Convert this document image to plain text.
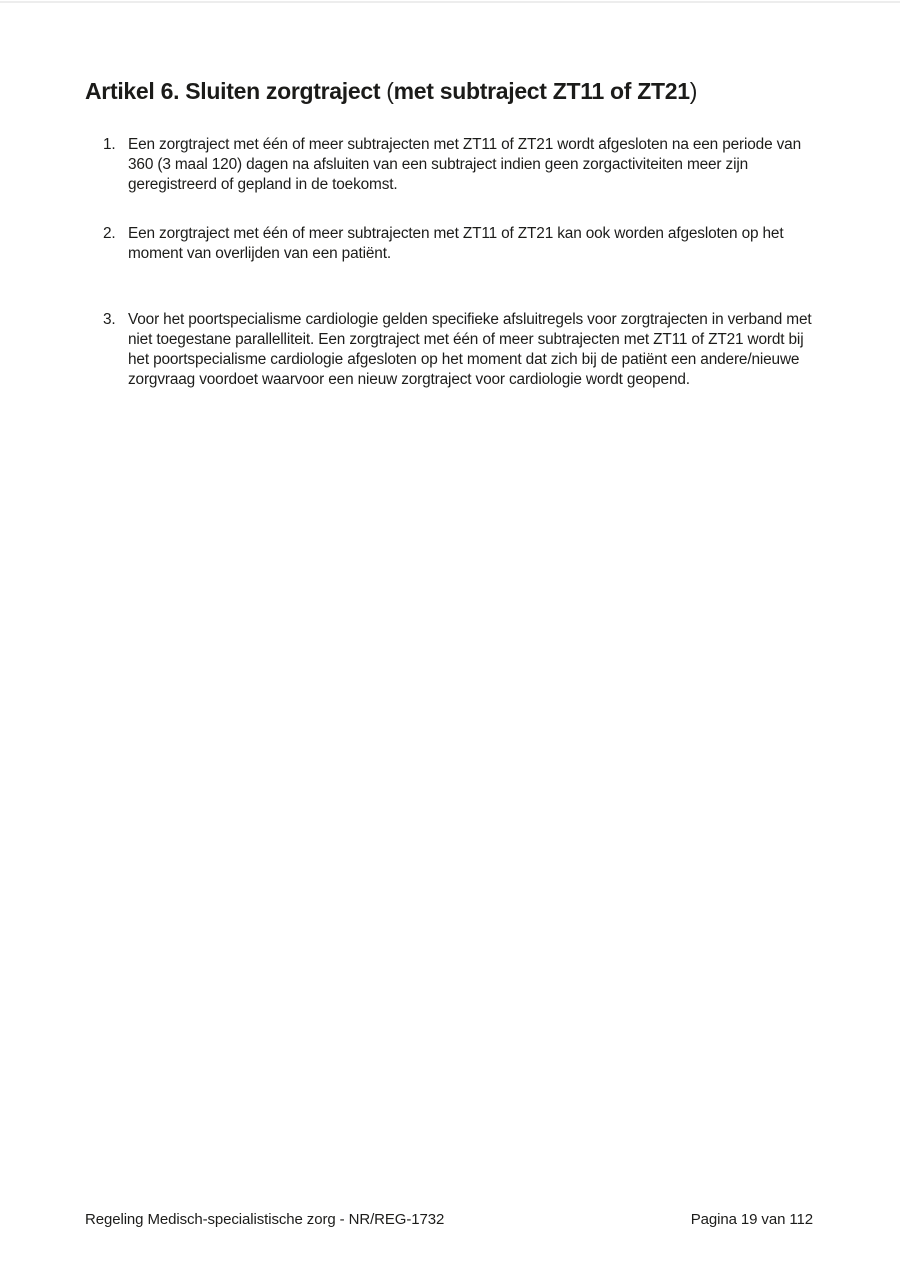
Artikel 6. Sluiten zorgtraject (met subtraject ZT11 of ZT21)
1. Een zorgtraject met één of meer subtrajecten met ZT11 of ZT21 wordt afgesloten na een periode van 360 (3 maal 120) dagen na afsluiten van een subtraject indien geen zorgactiviteiten meer zijn geregistreerd of gepland in de toekomst.
2. Een zorgtraject met één of meer subtrajecten met ZT11 of ZT21 kan ook worden afgesloten op het moment van overlijden van een patiënt.
3. Voor het poortspecialisme cardiologie gelden specifieke afsluitregels voor zorgtrajecten in verband met niet toegestane parallelliteit. Een zorgtraject met één of meer subtrajecten met ZT11 of ZT21 wordt bij het poortspecialisme cardiologie afgesloten op het moment dat zich bij de patiënt een andere/nieuwe zorgvraag voordoet waarvoor een nieuw zorgtraject voor cardiologie wordt geopend.
Regeling Medisch-specialistische zorg - NR/REG-1732	Pagina 19 van 112
